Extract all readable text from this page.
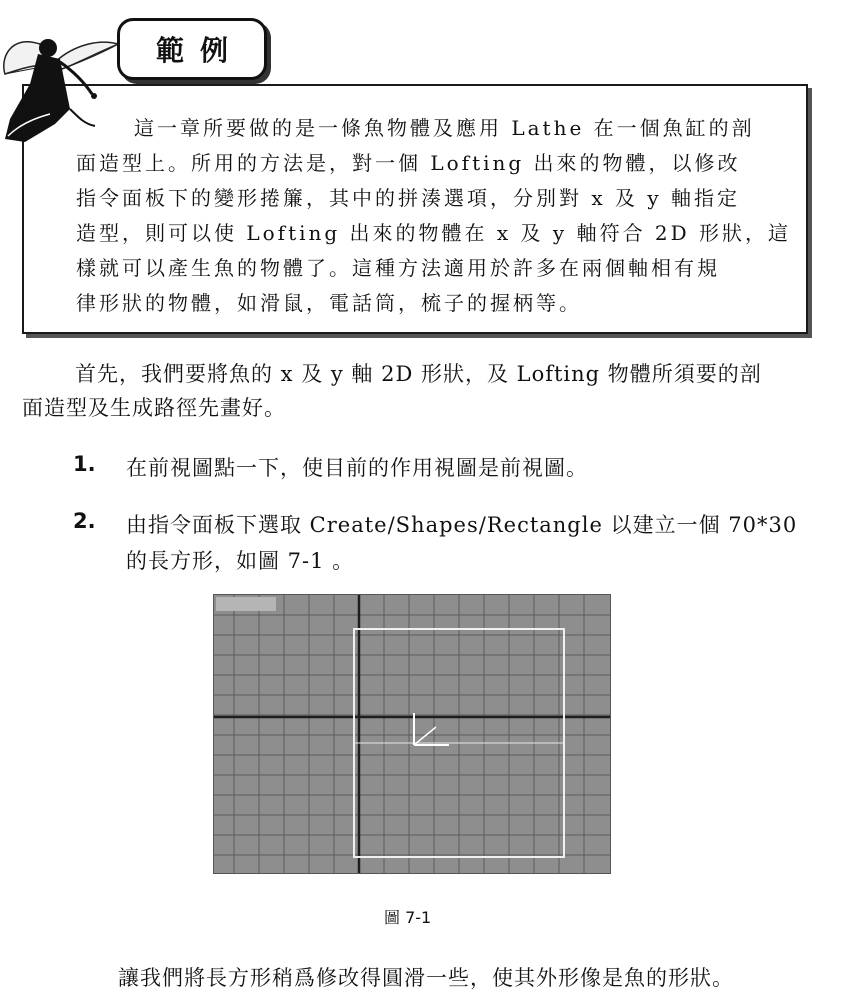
這一章所要做的是一條魚物體及應用 Lathe 在一個魚缸的剖
面造型上。所用的方法是，對一個 Lofting 出來的物體，以修改
指令面板下的變形捲簾，其中的拼湊選項，分別對 x 及 y 軸指定
造型，則可以使 Lofting 出來的物體在 x 及 y 軸符合 2D 形狀，這
樣就可以產生魚的物體了。這種方法適用於許多在兩個軸相有規
律形狀的物體，如滑鼠，電話筒，梳子的握柄等。
範例
首先，我們要將魚的 x 及 y 軸 2D 形狀，及 Lofting 物體所須要的剖
面造型及生成路徑先畫好。
1. 在前視圖點一下，使目前的作用視圖是前視圖。
2. 由指令面板下選取 Create/Shapes/Rectangle 以建立一個 70*30
的長方形，如圖 7-1 。
圖 7-1
讓我們將長方形稍爲修改得圓滑一些，使其外形像是魚的形狀。
